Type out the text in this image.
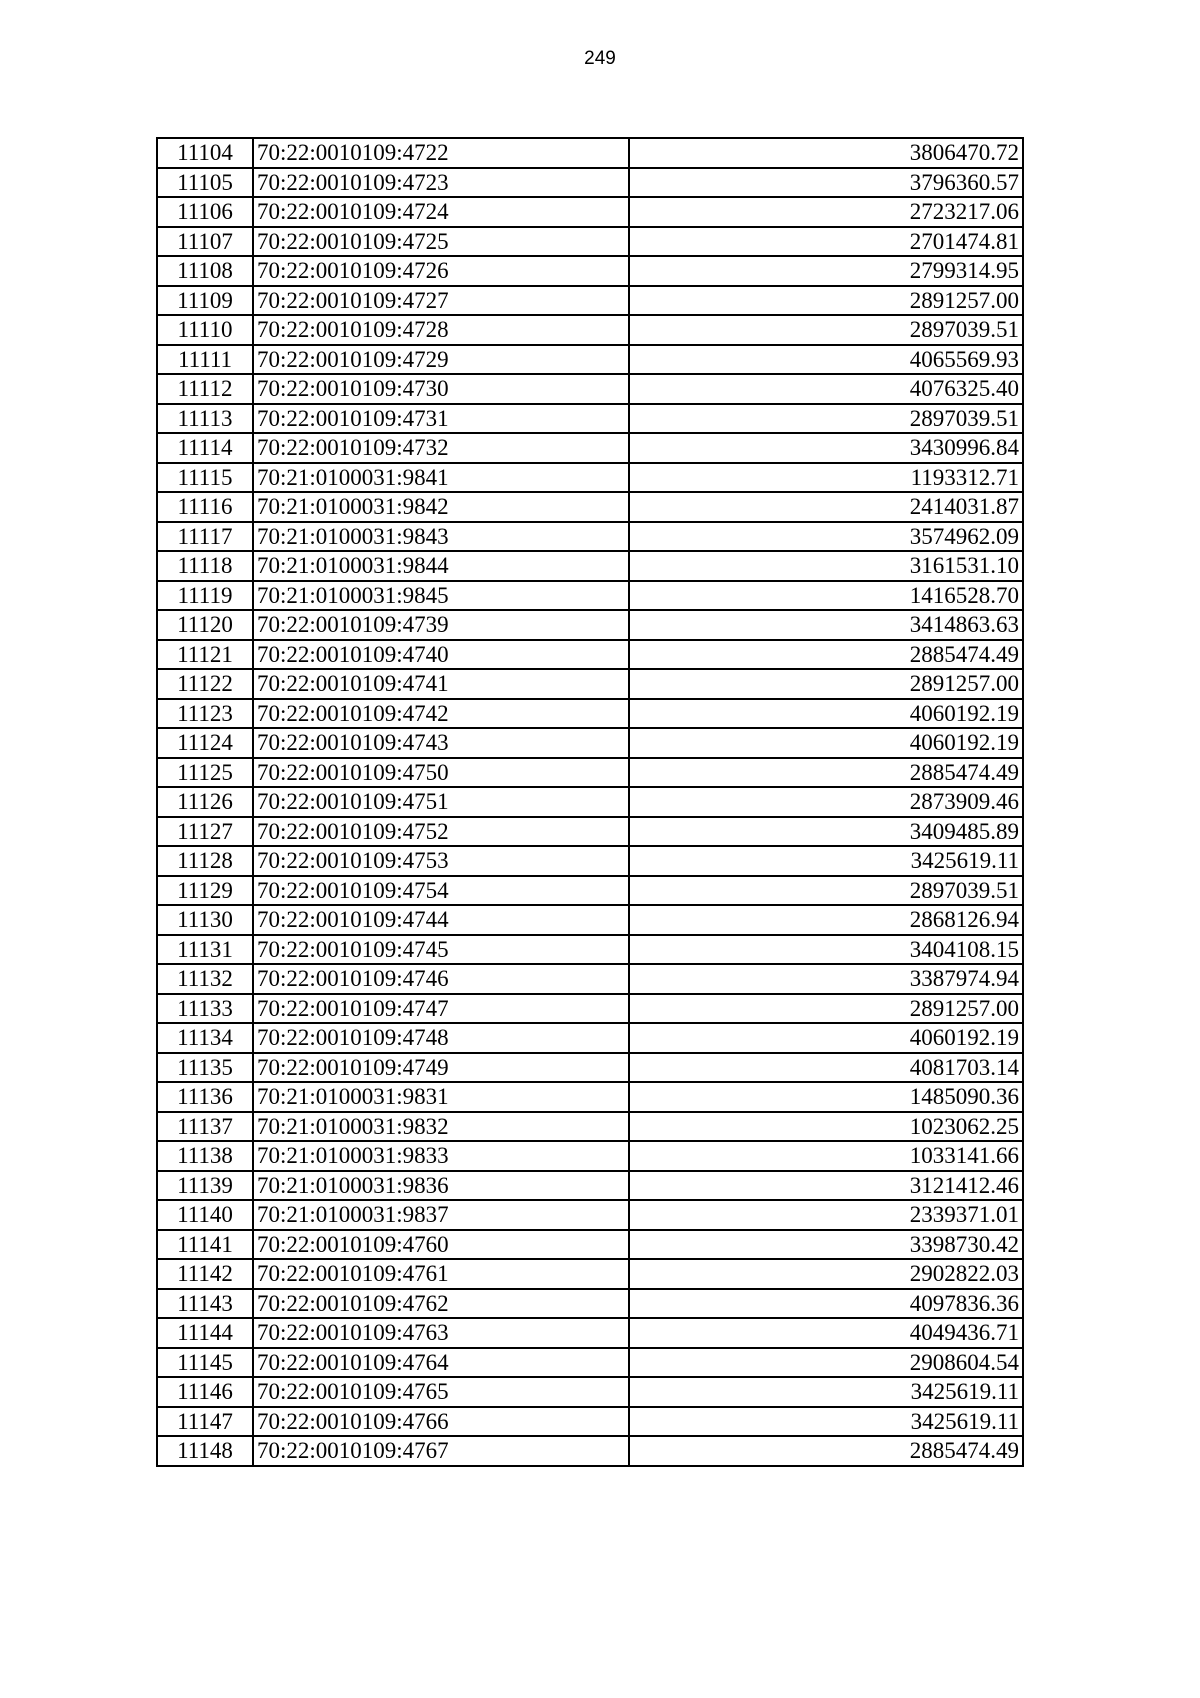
249
11104	70:22:0010109:4722	3806470.72
11105	70:22:0010109:4723	3796360.57
11106	70:22:0010109:4724	2723217.06
11107	70:22:0010109:4725	2701474.81
11108	70:22:0010109:4726	2799314.95
11109	70:22:0010109:4727	2891257.00
11110	70:22:0010109:4728	2897039.51
11111	70:22:0010109:4729	4065569.93
11112	70:22:0010109:4730	4076325.40
11113	70:22:0010109:4731	2897039.51
11114	70:22:0010109:4732	3430996.84
11115	70:21:0100031:9841	1193312.71
11116	70:21:0100031:9842	2414031.87
11117	70:21:0100031:9843	3574962.09
11118	70:21:0100031:9844	3161531.10
11119	70:21:0100031:9845	1416528.70
11120	70:22:0010109:4739	3414863.63
11121	70:22:0010109:4740	2885474.49
11122	70:22:0010109:4741	2891257.00
11123	70:22:0010109:4742	4060192.19
11124	70:22:0010109:4743	4060192.19
11125	70:22:0010109:4750	2885474.49
11126	70:22:0010109:4751	2873909.46
11127	70:22:0010109:4752	3409485.89
11128	70:22:0010109:4753	3425619.11
11129	70:22:0010109:4754	2897039.51
11130	70:22:0010109:4744	2868126.94
11131	70:22:0010109:4745	3404108.15
11132	70:22:0010109:4746	3387974.94
11133	70:22:0010109:4747	2891257.00
11134	70:22:0010109:4748	4060192.19
11135	70:22:0010109:4749	4081703.14
11136	70:21:0100031:9831	1485090.36
11137	70:21:0100031:9832	1023062.25
11138	70:21:0100031:9833	1033141.66
11139	70:21:0100031:9836	3121412.46
11140	70:21:0100031:9837	2339371.01
11141	70:22:0010109:4760	3398730.42
11142	70:22:0010109:4761	2902822.03
11143	70:22:0010109:4762	4097836.36
11144	70:22:0010109:4763	4049436.71
11145	70:22:0010109:4764	2908604.54
11146	70:22:0010109:4765	3425619.11
11147	70:22:0010109:4766	3425619.11
11148	70:22:0010109:4767	2885474.49
